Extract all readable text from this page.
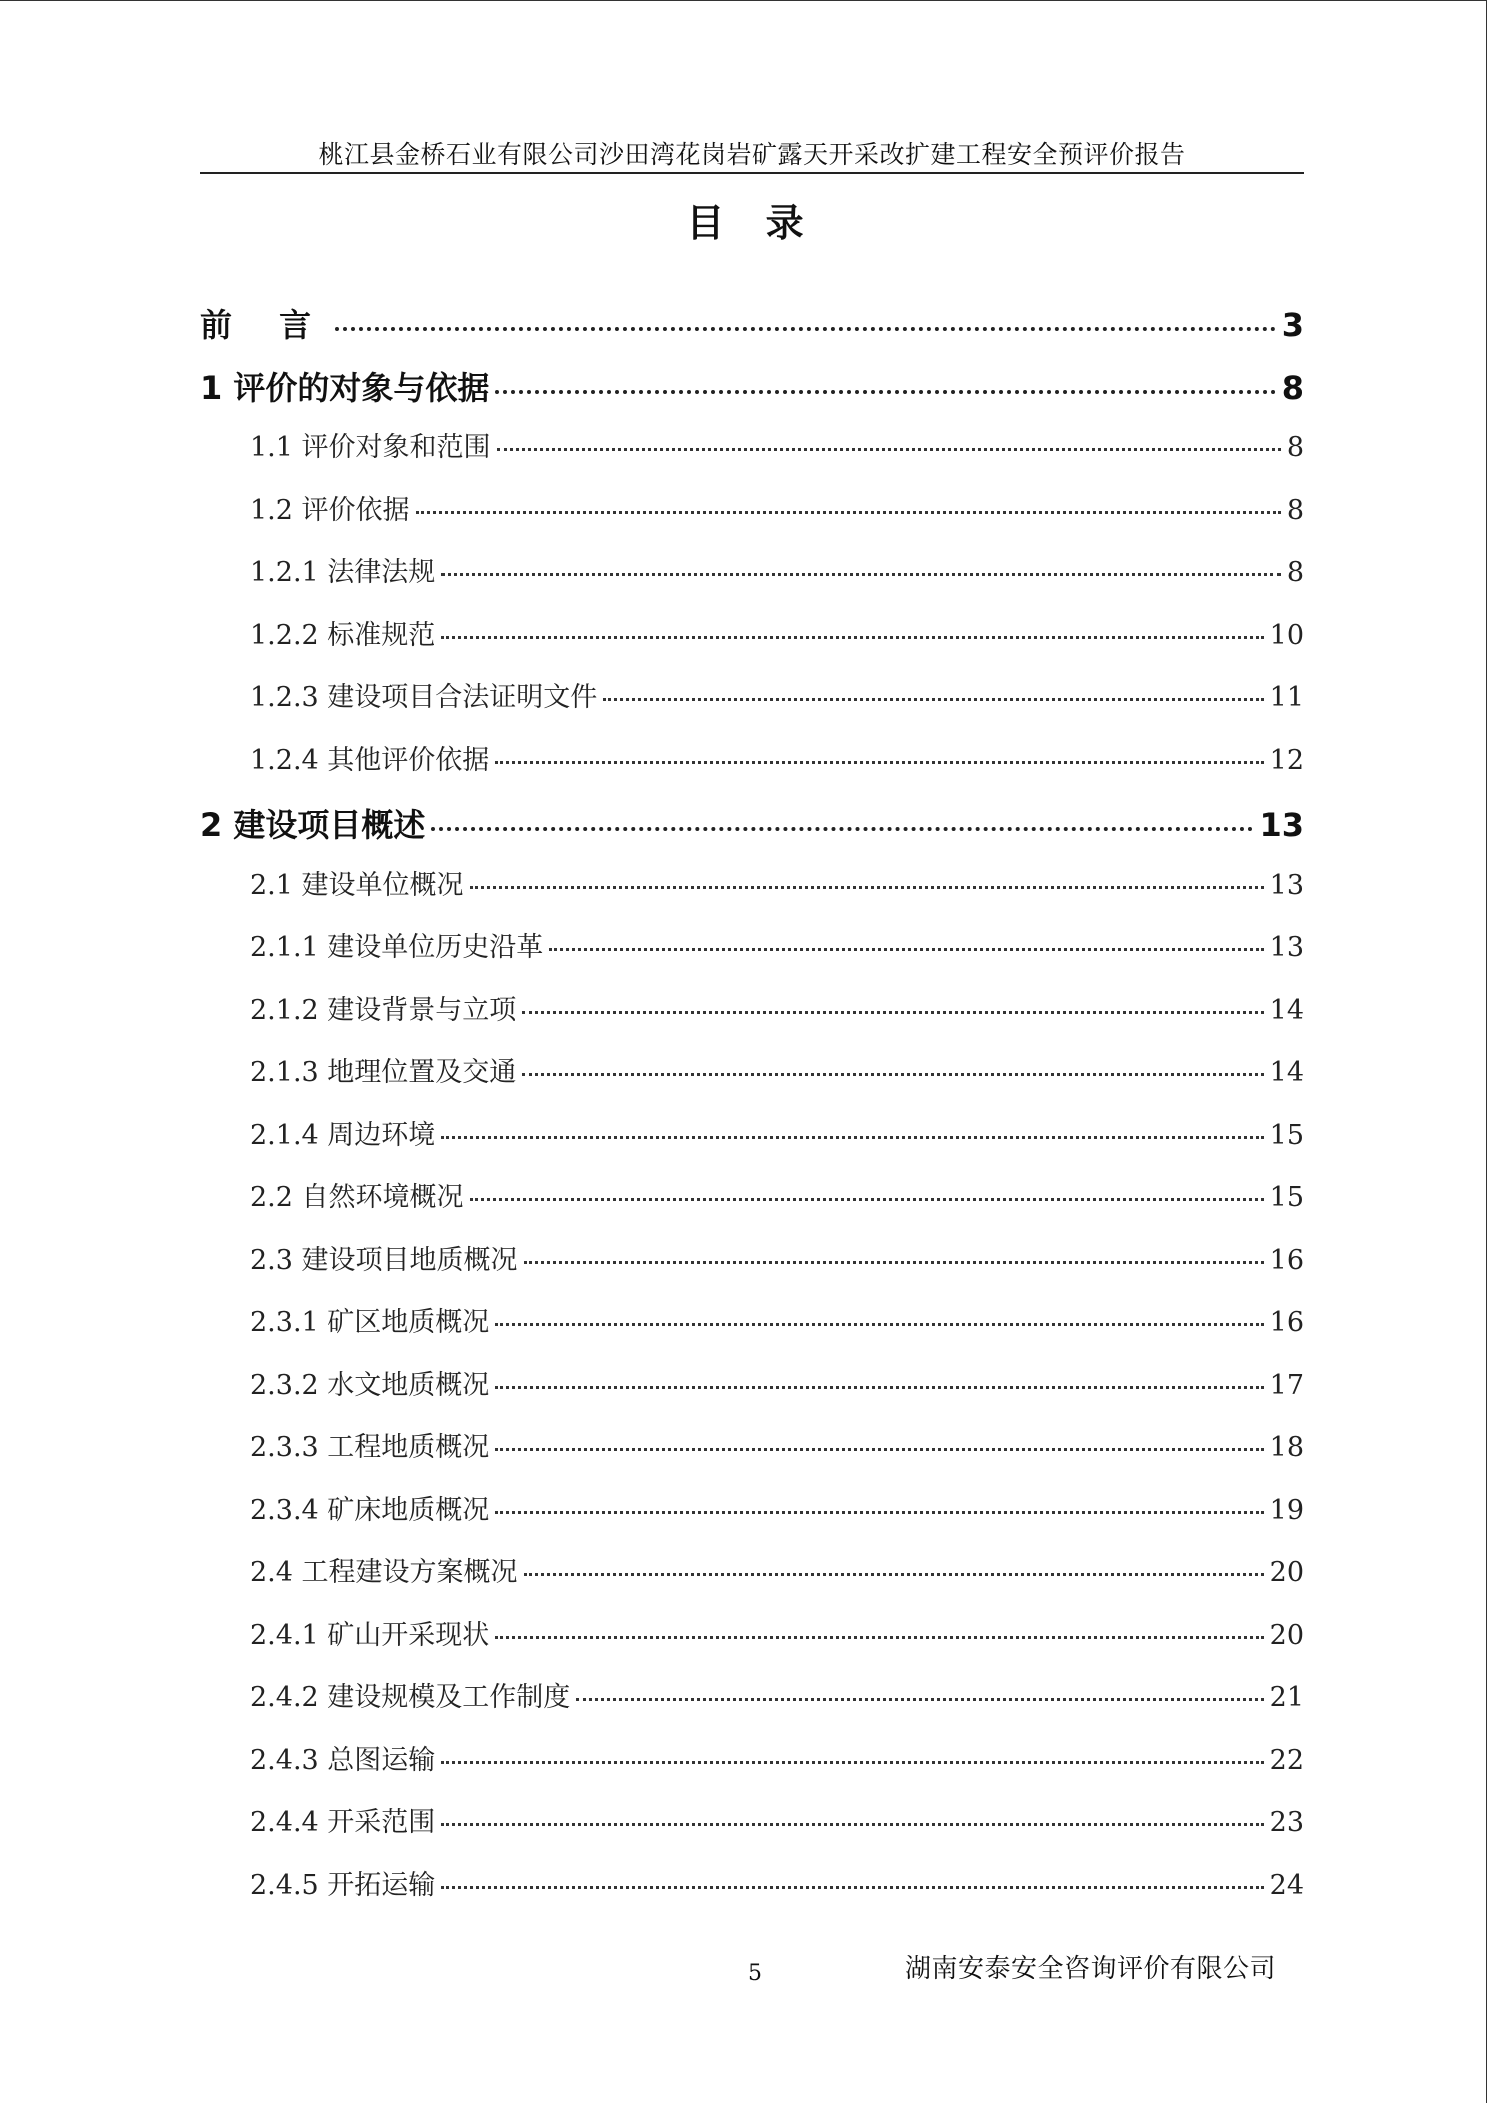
桃江县金桥石业有限公司沙田湾花岗岩矿露天开采改扩建工程安全预评价报告
目 录
前 言	3
1 评价的对象与依据	8
1.1 评价对象和范围	8
1.2 评价依据	8
1.2.1 法律法规	8
1.2.2 标准规范	10
1.2.3 建设项目合法证明文件	11
1.2.4 其他评价依据	12
2 建设项目概述	13
2.1 建设单位概况	13
2.1.1 建设单位历史沿革	13
2.1.2 建设背景与立项	14
2.1.3 地理位置及交通	14
2.1.4 周边环境	15
2.2 自然环境概况	15
2.3 建设项目地质概况	16
2.3.1 矿区地质概况	16
2.3.2 水文地质概况	17
2.3.3 工程地质概况	18
2.3.4 矿床地质概况	19
2.4 工程建设方案概况	20
2.4.1 矿山开采现状	20
2.4.2 建设规模及工作制度	21
2.4.3 总图运输	22
2.4.4 开采范围	23
2.4.5 开拓运输	24
5	湖南安泰安全咨询评价有限公司
